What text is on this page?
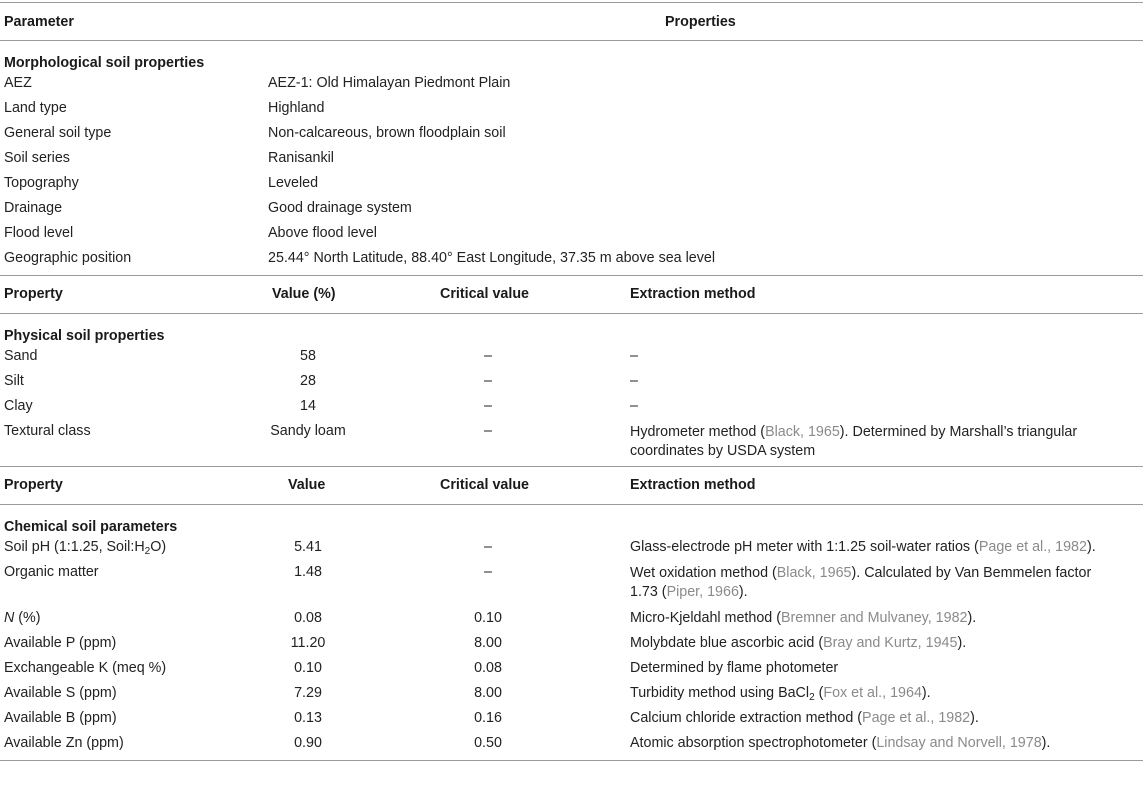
Parameter	Properties
Morphological soil properties
AEZ	AEZ-1: Old Himalayan Piedmont Plain
Land type	Highland
General soil type	Non-calcareous, brown floodplain soil
Soil series	Ranisankil
Topography	Leveled
Drainage	Good drainage system
Flood level	Above flood level
Geographic position	25.44° North Latitude, 88.40° East Longitude, 37.35 m above sea level
Property	Value (%)	Critical value	Extraction method
Physical soil properties
Sand	58	–	–
Silt	28	–	–
Clay	14	–	–
Textural class	Sandy loam	–	Hydrometer method (Black, 1965). Determined by Marshall’s triangular coordinates by USDA system
Property	Value	Critical value	Extraction method
Chemical soil parameters
Soil pH (1:1.25, $Soil:H_2O$)	5.41	–	Glass-electrode pH meter with 1:1.25 soil-water ratios (Page et al., 1982).
Organic matter	1.48	–	Wet oxidation method (Black, 1965). Calculated by Van Bemmelen factor 1.73 (Piper, 1966).
N (%)	0.08	0.10	Micro-Kjeldahl method (Bremner and Mulvaney, 1982).
Available P (ppm)	11.20	8.00	Molybdate blue ascorbic acid (Bray and Kurtz, 1945).
Exchangeable K (meq %)	0.10	0.08	Determined by flame photometer
Available S (ppm)	7.29	8.00	Turbidity method using BaCl$_2$ (Fox et al., 1964).
Available B (ppm)	0.13	0.16	Calcium chloride extraction method (Page et al., 1982).
Available Zn (ppm)	0.90	0.50	Atomic absorption spectrophotometer (Lindsay and Norvell, 1978).
